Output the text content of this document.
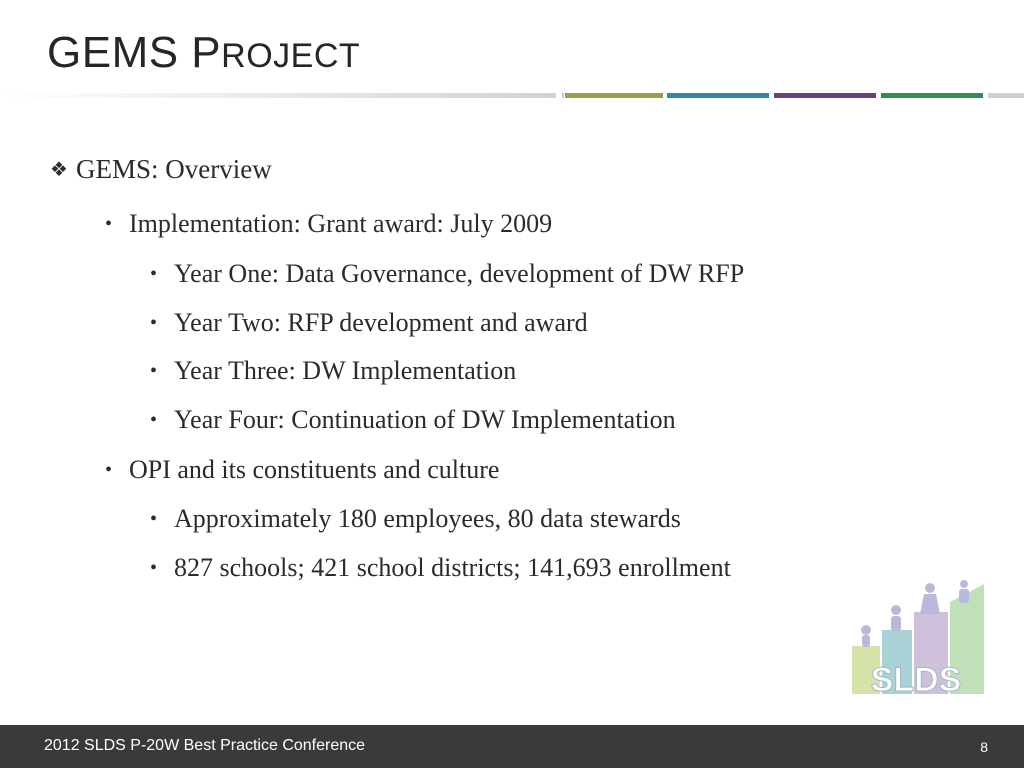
GEMS PROJECT
❖ GEMS: Overview
• Implementation: Grant award: July 2009
• Year One: Data Governance, development of DW RFP
• Year Two: RFP development and award
• Year Three: DW Implementation
• Year Four: Continuation of DW Implementation
• OPI and its constituents and culture
• Approximately 180 employees, 80 data stewards
• 827 schools; 421 school districts; 141,693 enrollment
SLDS
2012 SLDS P-20W Best Practice Conference	8
